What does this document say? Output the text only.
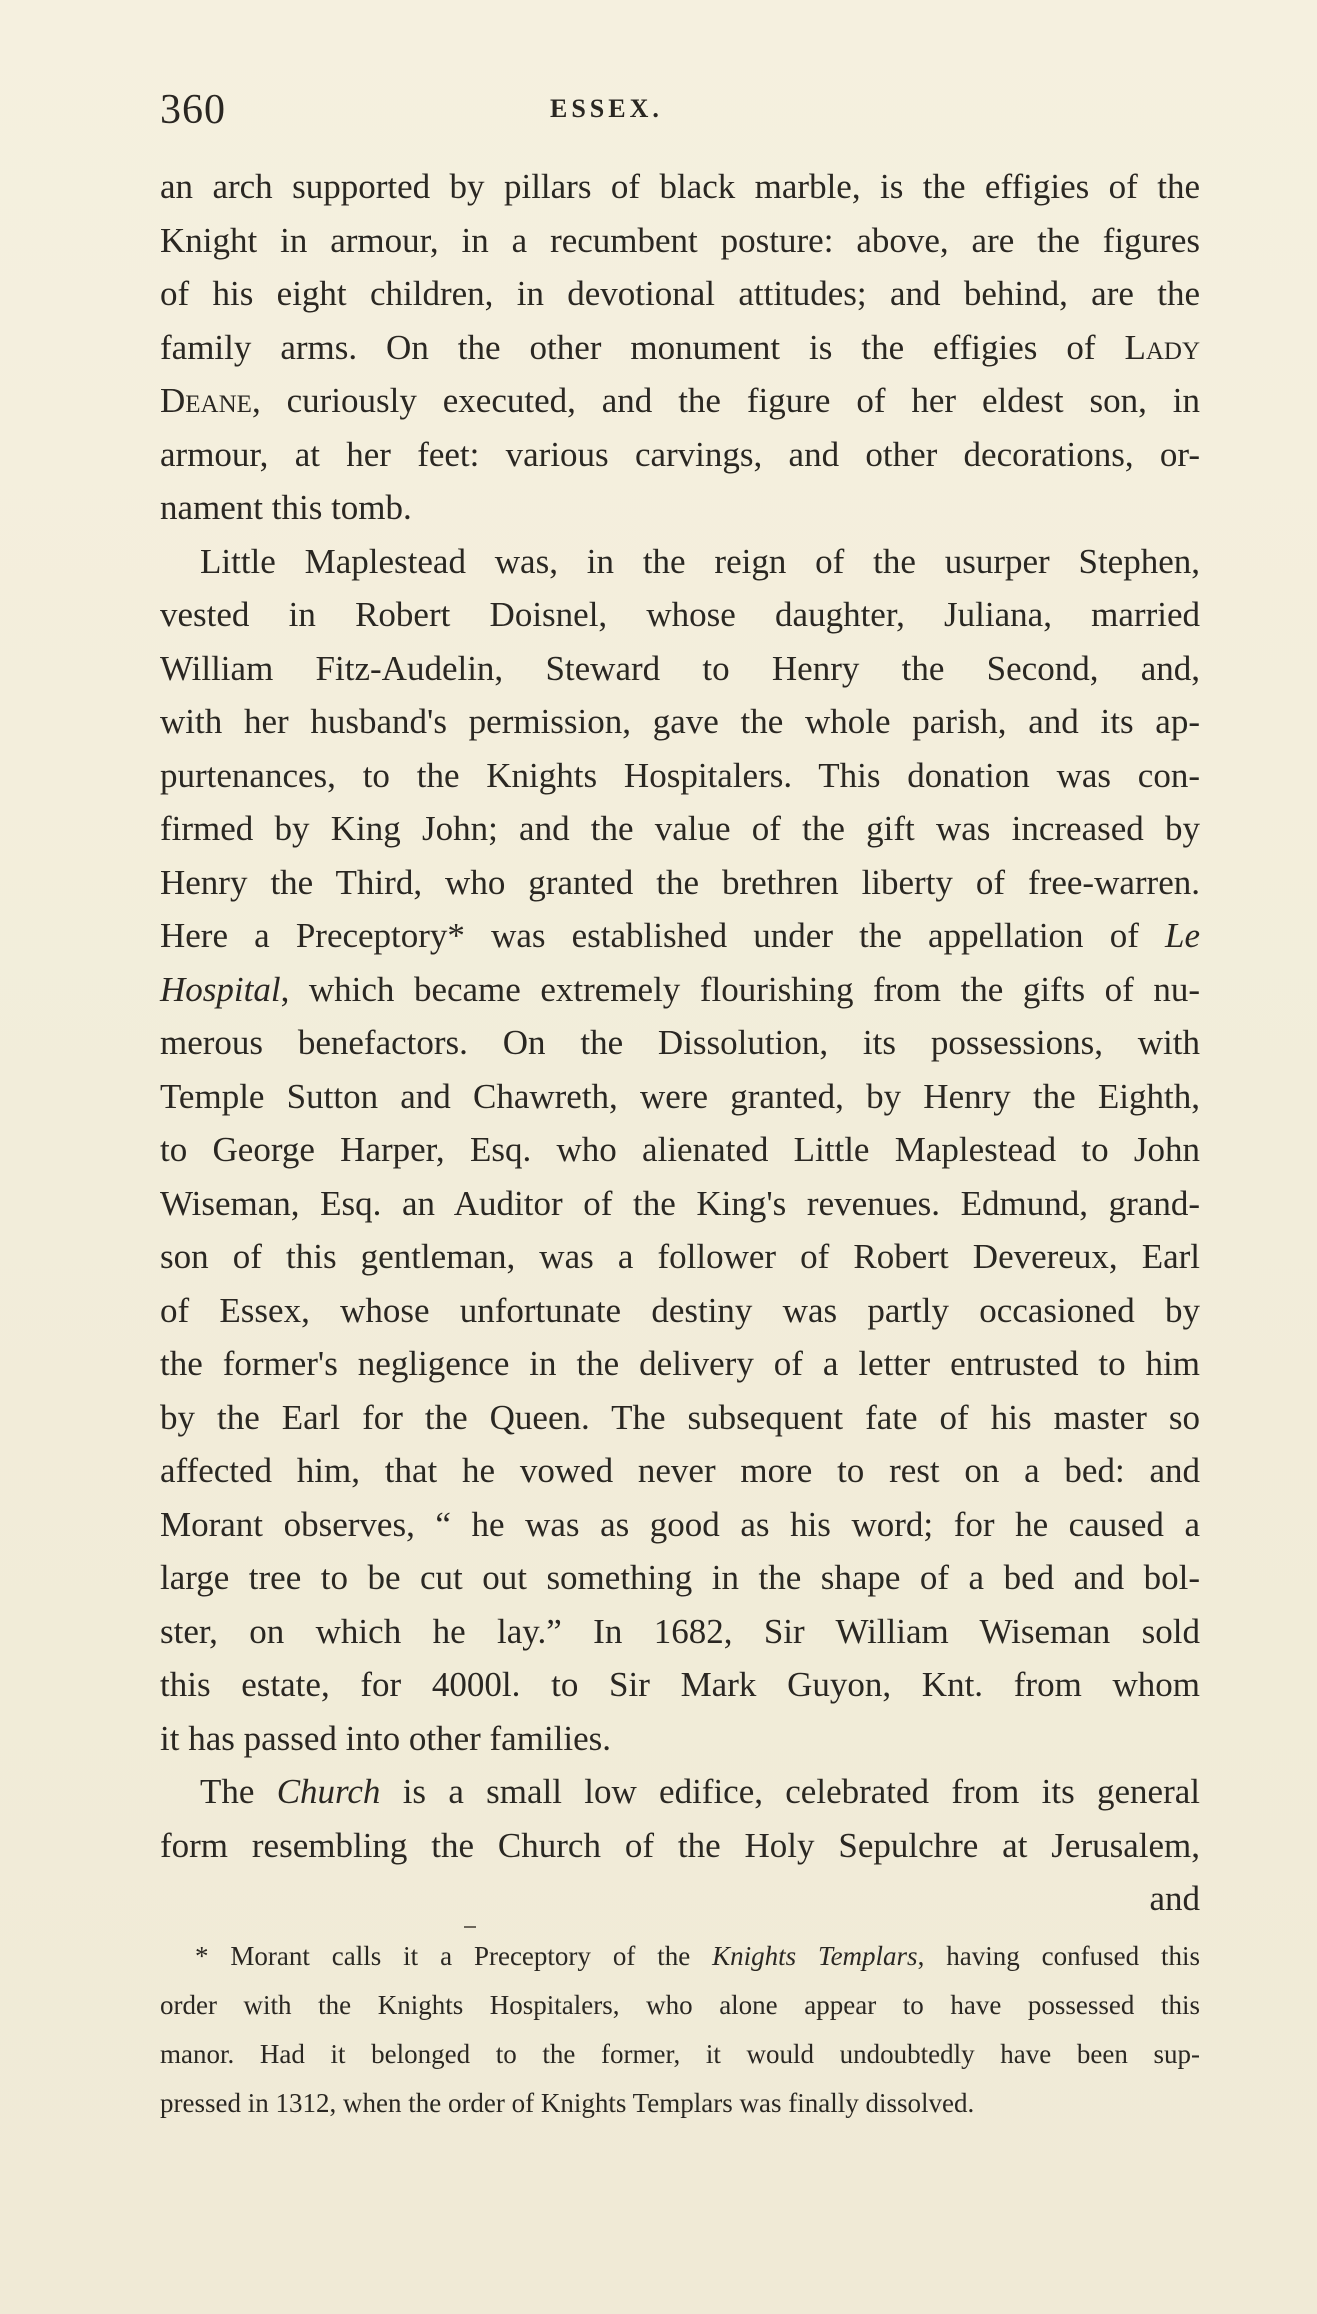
360	ESSEX.
an arch supported by pillars of black marble, is the effigies of the
Knight in armour, in a recumbent posture: above, are the figures
of his eight children, in devotional attitudes; and behind, are the
family arms. On the other monument is the effigies of Lady
Deane, curiously executed, and the figure of her eldest son, in
armour, at her feet: various carvings, and other decorations, or-
nament this tomb.
Little Maplestead was, in the reign of the usurper Stephen,
vested in Robert Doisnel, whose daughter, Juliana, married
William Fitz-Audelin, Steward to Henry the Second, and,
with her husband's permission, gave the whole parish, and its ap-
purtenances, to the Knights Hospitalers. This donation was con-
firmed by King John; and the value of the gift was increased by
Henry the Third, who granted the brethren liberty of free-warren.
Here a Preceptory* was established under the appellation of Le
Hospital, which became extremely flourishing from the gifts of nu-
merous benefactors. On the Dissolution, its possessions, with
Temple Sutton and Chawreth, were granted, by Henry the Eighth,
to George Harper, Esq. who alienated Little Maplestead to John
Wiseman, Esq. an Auditor of the King's revenues. Edmund, grand-
son of this gentleman, was a follower of Robert Devereux, Earl
of Essex, whose unfortunate destiny was partly occasioned by
the former's negligence in the delivery of a letter entrusted to him
by the Earl for the Queen. The subsequent fate of his master so
affected him, that he vowed never more to rest on a bed: and
Morant observes, “ he was as good as his word; for he caused a
large tree to be cut out something in the shape of a bed and bol-
ster, on which he lay.” In 1682, Sir William Wiseman sold
this estate, for 4000l. to Sir Mark Guyon, Knt. from whom
it has passed into other families.
The Church is a small low edifice, celebrated from its general
form resembling the Church of the Holy Sepulchre at Jerusalem,
and
* Morant calls it a Preceptory of the Knights Templars, having confused this
order with the Knights Hospitalers, who alone appear to have possessed this
manor. Had it belonged to the former, it would undoubtedly have been sup-
pressed in 1312, when the order of Knights Templars was finally dissolved.
